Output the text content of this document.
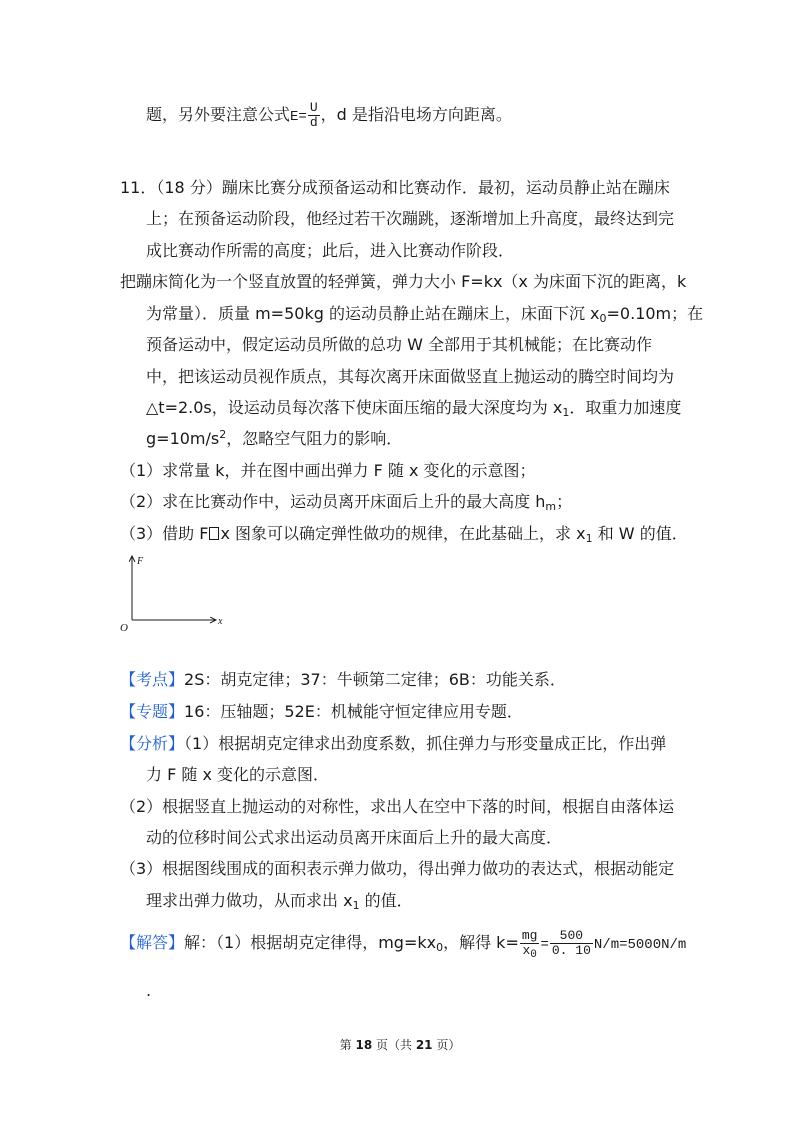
题，另外要注意公式$E= \frac{U}{d}$ ，d 是指沿电场方向距离。
11．（18 分）蹦床比赛分成预备运动和比赛动作．最初，运动员静止站在蹦床
上；在预备运动阶段，他经过若干次蹦跳，逐渐增加上升高度，最终达到完
成比赛动作所需的高度；此后，进入比赛动作阶段．
把蹦床简化为一个竖直放置的轻弹簧，弹力大小 F=kx（x 为床面下沉的距离，k
为常量）．质量 m=50kg 的运动员静止站在蹦床上，床面下沉 $x_0=0.10m$；在
预备运动中，假定运动员所做的总功 W 全部用于其机械能；在比赛动作
中，把该运动员视作质点，其每次离开床面做竖直上抛运动的腾空时间均为
△t=2.0s，设运动员每次落下使床面压缩的最大深度均为 $x_1$．取重力加速度
$g=10m/s^2$，忽略空气阻力的影响．
（1）求常量 k，并在图中画出弹力 F 随 x 变化的示意图；
（2）求在比赛动作中，运动员离开床面后上升的最大高度 $h_m$；
（3）借助 F x 图象可以确定弹性做功的规律，在此基础上，求 $x_1$ 和 W 的值．
F
x
O
【考点】2S：胡克定律；37：牛顿第二定律；6B：功能关系．
【专题】16：压轴题；52E：机械能守恒定律应用专题．
【分析】（1）根据胡克定律求出劲度系数，抓住弹力与形变量成正比，作出弹
力 F 随 x 变化的示意图．
（2）根据竖直上抛运动的对称性，求出人在空中下落的时间，根据自由落体运
动的位移时间公式求出运动员离开床面后上升的最大高度．
（3）根据图线围成的面积表示弹力做功，得出弹力做功的表达式，根据动能定
理求出弹力做功，从而求出 $x_1$ 的值．
【解答】解：（1）根据胡克定律得，$mg=kx_0$，解得 $k= \frac{mg}{x_0} = \frac{500}{0. 10} N/m=5000N/m$
.
第 18 页（共 21 页）
